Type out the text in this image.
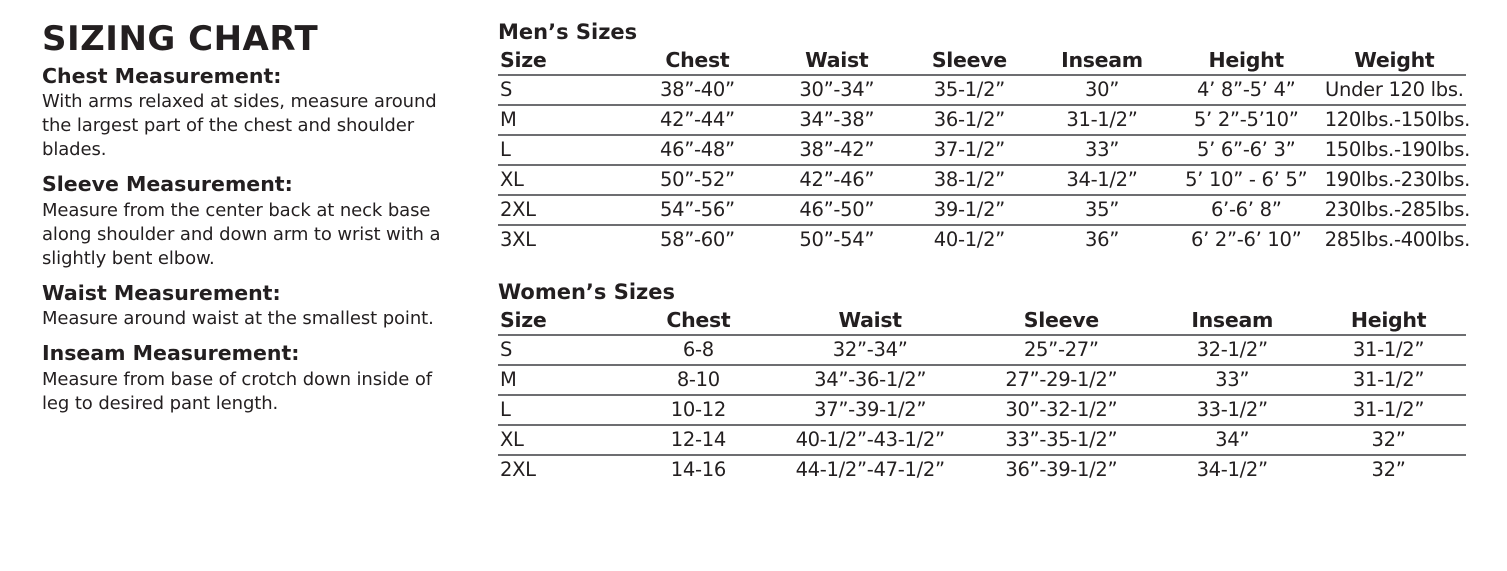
SIZING CHART

Chest Measurement:

With arms relaxed at sides, measure around the largest part of the chest and shoulder blades.

Sleeve Measurement:

Measure from the center back at neck base along shoulder and down arm to wrist with a slightly bent elbow.

Waist Measurement:

Measure around waist at the smallest point.

Inseam Measurement:

Measure from base of crotch down inside of leg to desired pant length.

Men’s Sizes

Size	Chest	Waist	Sleeve	Inseam	Height	Weight
S	38”-40”	30”-34”	35-1/2”	30”	4’ 8”-5’ 4”	Under 120 lbs.
M	42”-44”	34”-38”	36-1/2”	31-1/2”	5’ 2”-5’10”	120lbs.-150lbs.
L	46”-48”	38”-42”	37-1/2”	33”	5’ 6”-6’ 3”	150lbs.-190lbs.
XL	50”-52”	42”-46”	38-1/2”	34-1/2”	5’ 10” - 6’ 5”	190lbs.-230lbs.
2XL	54”-56”	46”-50”	39-1/2”	35”	6’-6’ 8”	230lbs.-285lbs.
3XL	58”-60”	50”-54”	40-1/2”	36”	6’ 2”-6’ 10”	285lbs.-400lbs.

Women’s Sizes

Size	Chest	Waist	Sleeve	Inseam	Height
S	6-8	32”-34”	25”-27”	32-1/2”	31-1/2”
M	8-10	34”-36-1/2”	27”-29-1/2”	33”	31-1/2”
L	10-12	37”-39-1/2”	30”-32-1/2”	33-1/2”	31-1/2”
XL	12-14	40-1/2”-43-1/2”	33”-35-1/2”	34”	32”
2XL	14-16	44-1/2”-47-1/2”	36”-39-1/2”	34-1/2”	32”
